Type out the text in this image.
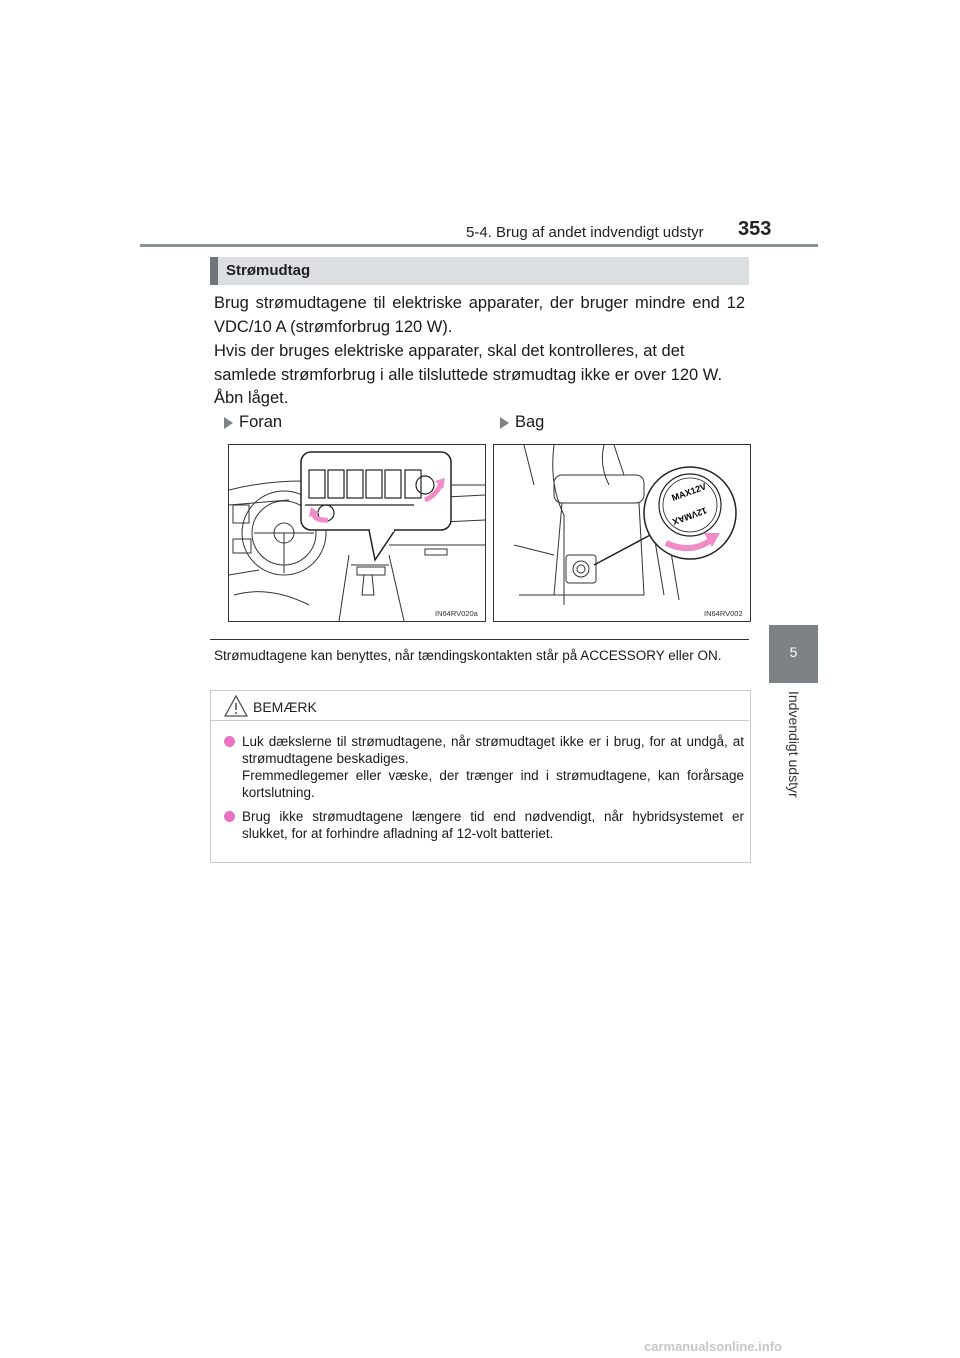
5-4. Brug af andet indvendigt udstyr 353
5
Indvendigt udstyr
Strømudtag
Brug strømudtagene til elektriske apparater, der bruger mindre end 12 VDC/10 A (strømforbrug 120 W).
Hvis der bruges elektriske apparater, skal det kontrolleres, at det samlede strømforbrug i alle tilsluttede strømudtag ikke er over 120 W.
Åbn låget.
Foran	Bag
IN64RV020a
MAX12V
12VMAX
IN64RV002
Strømudtagene kan benyttes, når tændingskontakten står på ACCESSORY eller ON.
BEMÆRK
Luk dækslerne til strømudtagene, når strømudtaget ikke er i brug, for at undgå, at strømudtagene beskadiges.
Fremmedlegemer eller væske, der trænger ind i strømudtagene, kan forårsage kortslutning.
Brug ikke strømudtagene længere tid end nødvendigt, når hybridsystemet er slukket, for at forhindre afladning af 12-volt batteriet.
carmanualsonline.info
